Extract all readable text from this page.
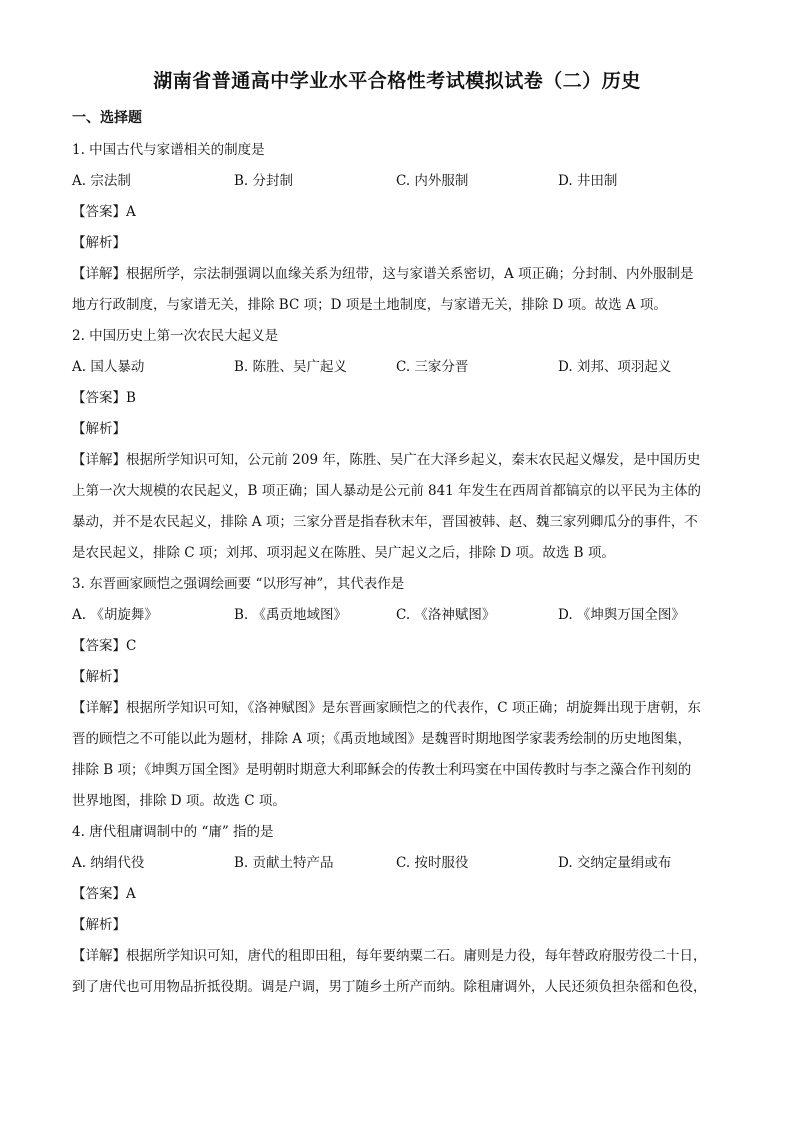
湖南省普通高中学业水平合格性考试模拟试卷（二）历史
一、选择题
1. 中国古代与家谱相关的制度是
A. 宗法制	B. 分封制	C. 内外服制	D. 井田制
【答案】A
【解析】
【详解】根据所学，宗法制强调以血缘关系为纽带，这与家谱关系密切，A 项正确；分封制、内外服制是
地方行政制度，与家谱无关，排除 BC 项；D 项是土地制度，与家谱无关，排除 D 项。故选 A 项。
2. 中国历史上第一次农民大起义是
A. 国人暴动	B. 陈胜、吴广起义	C. 三家分晋	D. 刘邦、项羽起义
【答案】B
【解析】
【详解】根据所学知识可知，公元前 209 年，陈胜、吴广在大泽乡起义，秦末农民起义爆发，是中国历史
上第一次大规模的农民起义，B 项正确；国人暴动是公元前 841 年发生在西周首都镐京的以平民为主体的
暴动，并不是农民起义，排除 A 项；三家分晋是指春秋末年，晋国被韩、赵、魏三家列卿瓜分的事件，不
是农民起义，排除 C 项；刘邦、项羽起义在陈胜、吴广起义之后，排除 D 项。故选 B 项。
3. 东晋画家顾恺之强调绘画要 “以形写神”，其代表作是
A. 《胡旋舞》	B. 《禹贡地域图》	C. 《洛神赋图》	D. 《坤舆万国全图》
【答案】C
【解析】
【详解】根据所学知识可知，《洛神赋图》是东晋画家顾恺之的代表作，C 项正确；胡旋舞出现于唐朝，东
晋的顾恺之不可能以此为题材，排除 A 项；《禹贡地域图》是魏晋时期地图学家裴秀绘制的历史地图集，
排除 B 项；《坤舆万国全图》是明朝时期意大利耶稣会的传教士利玛窦在中国传教时与李之藻合作刊刻的
世界地图，排除 D 项。故选 C 项。
4. 唐代租庸调制中的 “庸” 指的是
A. 纳绢代役	B. 贡献土特产品	C. 按时服役	D. 交纳定量绢或布
【答案】A
【解析】
【详解】根据所学知识可知，唐代的租即田租，每年要纳粟二石。庸则是力役，每年替政府服劳役二十日，
到了唐代也可用物品折抵役期。调是户调，男丁随乡土所产而纳。除租庸调外，人民还须负担杂徭和色役，
